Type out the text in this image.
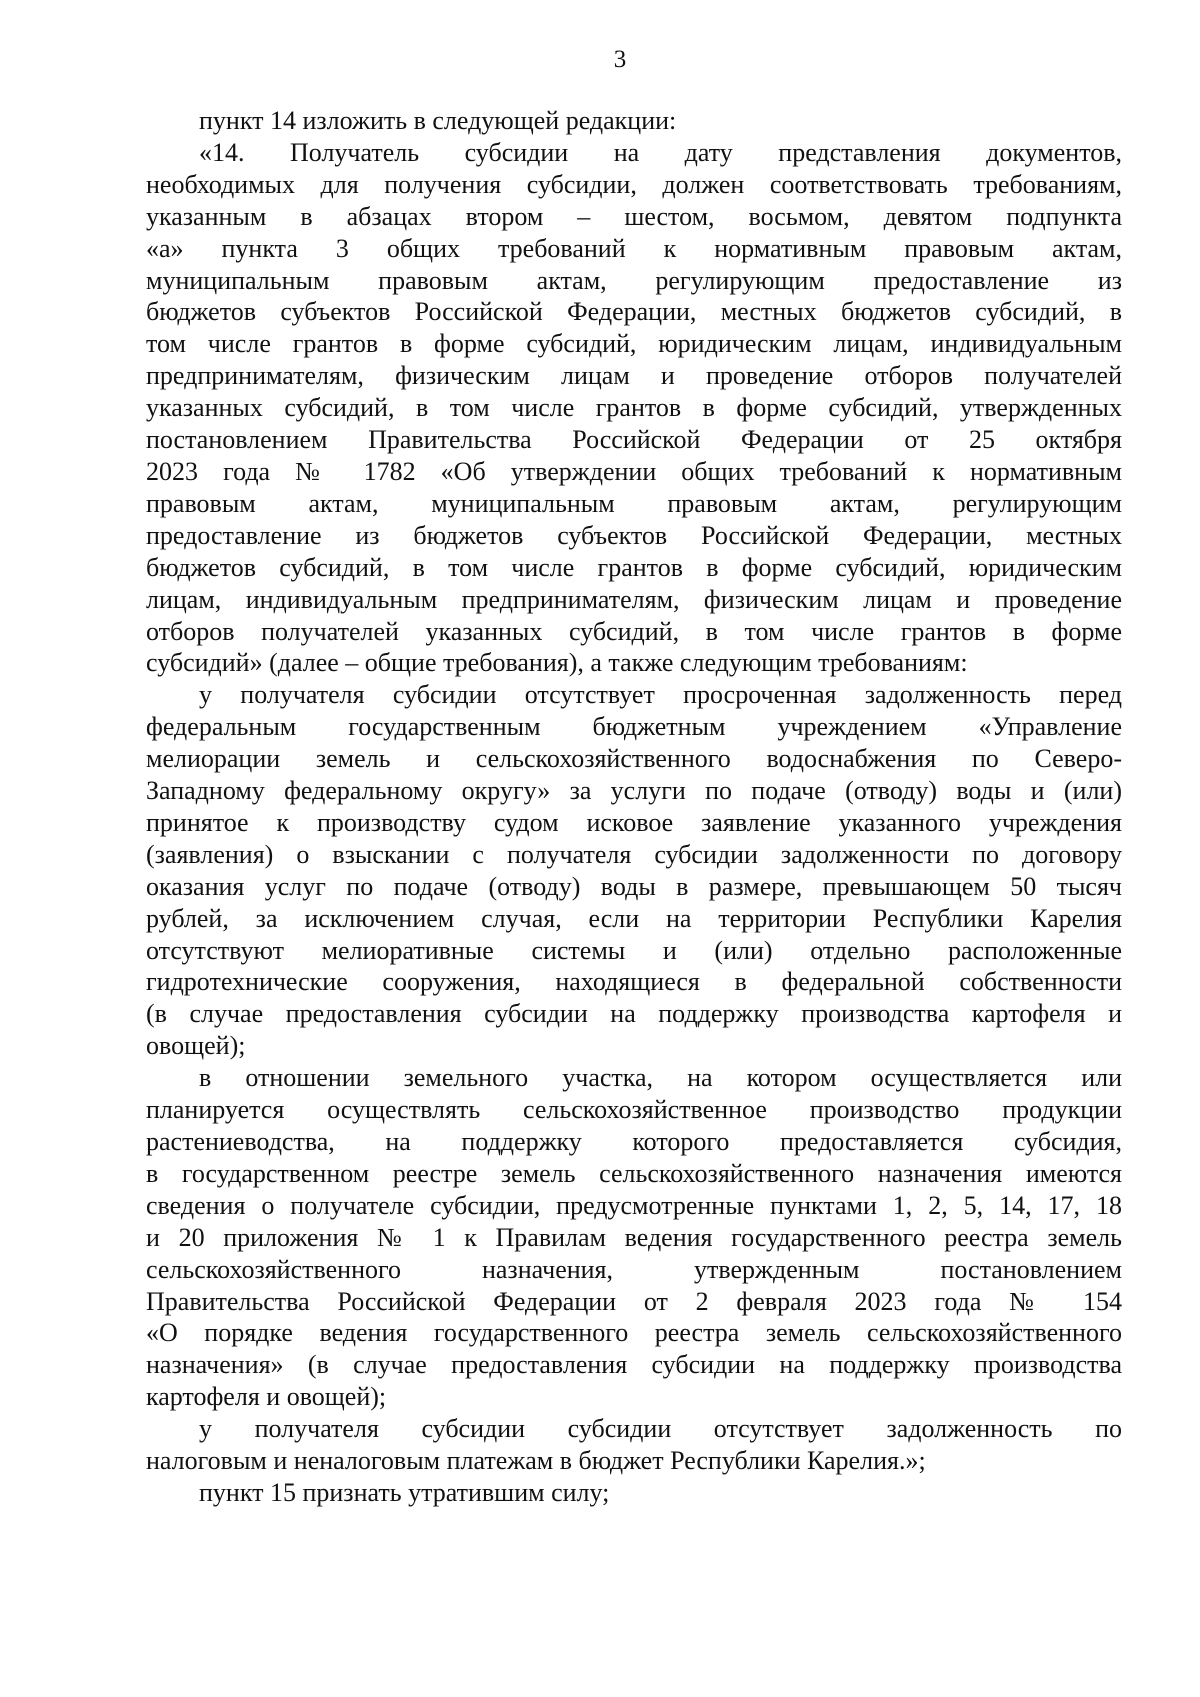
3

пункт 14 изложить в следующей редакции:

«14. Получатель субсидии на дату представления документов,
необходимых для получения субсидии, должен соответствовать требованиям,
указанным в абзацах втором – шестом, восьмом, девятом подпункта
«а» пункта 3 общих требований к нормативным правовым актам,
муниципальным правовым актам, регулирующим предоставление из
бюджетов субъектов Российской Федерации, местных бюджетов субсидий, в
том числе грантов в форме субсидий, юридическим лицам, индивидуальным
предпринимателям, физическим лицам и проведение отборов получателей
указанных субсидий, в том числе грантов в форме субсидий, утвержденных
постановлением Правительства Российской Федерации от 25 октября
2023 года № 1782 «Об утверждении общих требований к нормативным
правовым актам, муниципальным правовым актам, регулирующим
предоставление из бюджетов субъектов Российской Федерации, местных
бюджетов субсидий, в том числе грантов в форме субсидий, юридическим
лицам, индивидуальным предпринимателям, физическим лицам и проведение
отборов получателей указанных субсидий, в том числе грантов в форме
субсидий» (далее – общие требования), а также следующим требованиям:

у получателя субсидии отсутствует просроченная задолженность перед
федеральным государственным бюджетным учреждением «Управление
мелиорации земель и сельскохозяйственного водоснабжения по Северо-
Западному федеральному округу» за услуги по подаче (отводу) воды и (или)
принятое к производству судом исковое заявление указанного учреждения
(заявления) о взыскании с получателя субсидии задолженности по договору
оказания услуг по подаче (отводу) воды в размере, превышающем 50 тысяч
рублей, за исключением случая, если на территории Республики Карелия
отсутствуют мелиоративные системы и (или) отдельно расположенные
гидротехнические сооружения, находящиеся в федеральной собственности
(в случае предоставления субсидии на поддержку производства картофеля и
овощей);

в отношении земельного участка, на котором осуществляется или
планируется осуществлять сельскохозяйственное производство продукции
растениеводства, на поддержку которого предоставляется субсидия,
в государственном реестре земель сельскохозяйственного назначения имеются
сведения о получателе субсидии, предусмотренные пунктами 1, 2, 5, 14, 17, 18
и 20 приложения № 1 к Правилам ведения государственного реестра земель
сельскохозяйственного назначения, утвержденным постановлением
Правительства Российской Федерации от 2 февраля 2023 года № 154
«О порядке ведения государственного реестра земель сельскохозяйственного
назначения» (в случае предоставления субсидии на поддержку производства
картофеля и овощей);

у получателя субсидии субсидии отсутствует задолженность по
налоговым и неналоговым платежам в бюджет Республики Карелия.»;

пункт 15 признать утратившим силу;
